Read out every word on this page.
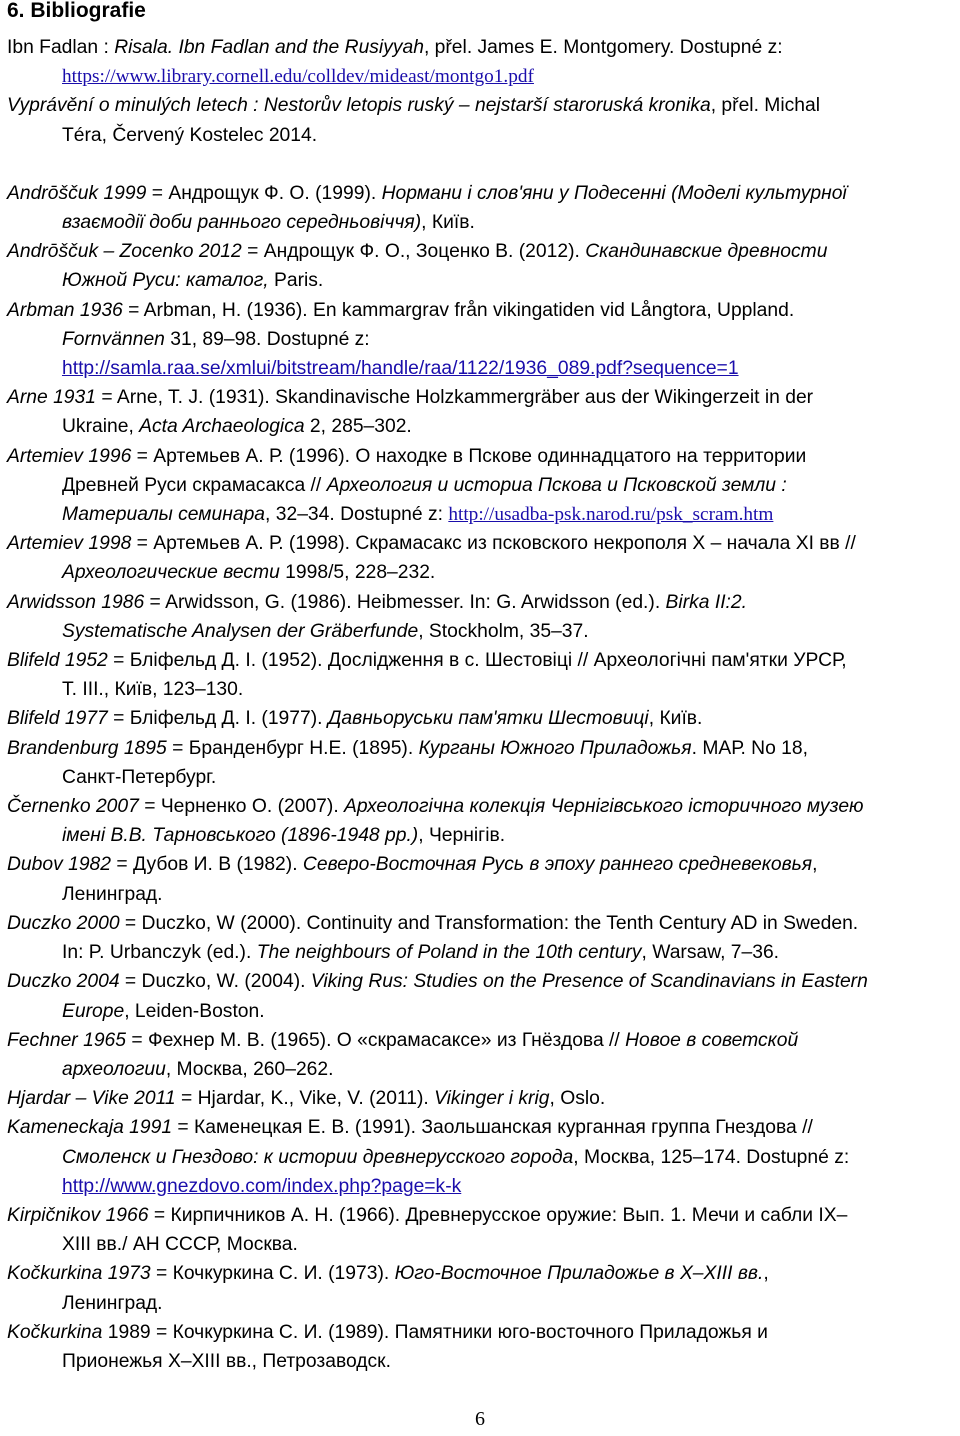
6. Bibliografie
Ibn Fadlan : Risala. Ibn Fadlan and the Rusiyyah, přel. James E. Montgomery. Dostupné z:
https://www.library.cornell.edu/colldev/mideast/montgo1.pdf
Vyprávění o minulých letech : Nestorův letopis ruský – nejstarší staroruská kronika, přel. Michal
Téra, Červený Kostelec 2014.
Andrōščuk 1999 = Андрощук Ф. О. (1999). Нормани і слов'яни у Подесенні (Моделі культурної
взаємодії доби раннього середньовіччя), Київ.
Andrōščuk – Zocenko 2012 = Андрощук Ф. О., Зоценко В. (2012). Скандинавские древности
Южной Руси: каталог, Paris.
Arbman 1936 = Arbman, H. (1936). En kammargrav från vikingatiden vid Långtora, Uppland.
Fornvännen 31, 89–98. Dostupné z:
http://samla.raa.se/xmlui/bitstream/handle/raa/1122/1936_089.pdf?sequence=1
Arne 1931 = Arne, T. J. (1931). Skandinavische Holzkammergräber aus der Wikingerzeit in der
Ukraine, Acta Archaeologica 2, 285–302.
Artemiev 1996 = Артемьев А. Р. (1996). О находке в Пскове одиннадцатого на территории
Древней Руси скрамасакса // Археология и историа Пскова и Псковской земли :
Материалы семинара, 32–34. Dostupné z: http://usadba-psk.narod.ru/psk_scram.htm
Artemiev 1998 = Артемьев А. Р. (1998). Скрамасакс из псковского некрополя X – начала XI вв //
Археологические вести 1998/5, 228–232.
Arwidsson 1986 = Arwidsson, G. (1986). Heibmesser. In: G. Arwidsson (ed.). Birka II:2.
Systematische Analysen der Gräberfunde, Stockholm, 35–37.
Blifeld 1952 = Бліфельд Д. І. (1952). Дослідження в с. Шестовіці // Археологічні пам'ятки УРСР,
Т. ІІІ., Київ, 123–130.
Blifeld 1977 = Бліфельд Д. І. (1977). Давньоруськи пам'ятки Шестовиці, Київ.
Brandenburg 1895 = Бранденбург Н.Е. (1895). Курганы Южного Приладожья. МАР. No 18,
Санкт-Петербург.
Černenko 2007 = Черненко О. (2007). Археологічна колекція Чернігівського історичного музею
імені В.В. Тарновського (1896-1948 рр.), Чернігів.
Dubov 1982 = Дубов И. В (1982). Северо-Восточная Русь в эпоху раннего средневековья,
Ленинград.
Duczko 2000 = Duczko, W (2000). Continuity and Transformation: the Tenth Century AD in Sweden.
In: P. Urbanczyk (ed.). The neighbours of Poland in the 10th century, Warsaw, 7–36.
Duczko 2004 = Duczko, W. (2004). Viking Rus: Studies on the Presence of Scandinavians in Eastern
Europe, Leiden-Boston.
Fechner 1965 = Фехнер М. В. (1965). О «скрамасаксе» из Гнёздова // Новое в советской
археологии, Москва, 260–262.
Hjardar – Vike 2011 = Hjardar, K., Vike, V. (2011). Vikinger i krig, Oslo.
Kameneckaja 1991 = Каменецкая Е. В. (1991). Заольшанская курганная группа Гнездова //
Смоленск и Гнездово: к истории древнерусского города, Москва, 125–174. Dostupné z:
http://www.gnezdovo.com/index.php?page=k-k
Kirpičnikov 1966 = Кирпичников А. Н. (1966). Древнерусское оружие: Вып. 1. Мечи и сабли IX–
XIII вв./ АН СССР, Москва.
Kočkurkina 1973 = Кочкуркина С. И. (1973). Юго-Восточное Приладожье в X–XIII вв.,
Ленинград.
Kočkurkina 1989 = Кочкуркина С. И. (1989). Памятники юго-восточного Приладожья и
Прионежья X–XIII вв., Петрозаводск.
6
